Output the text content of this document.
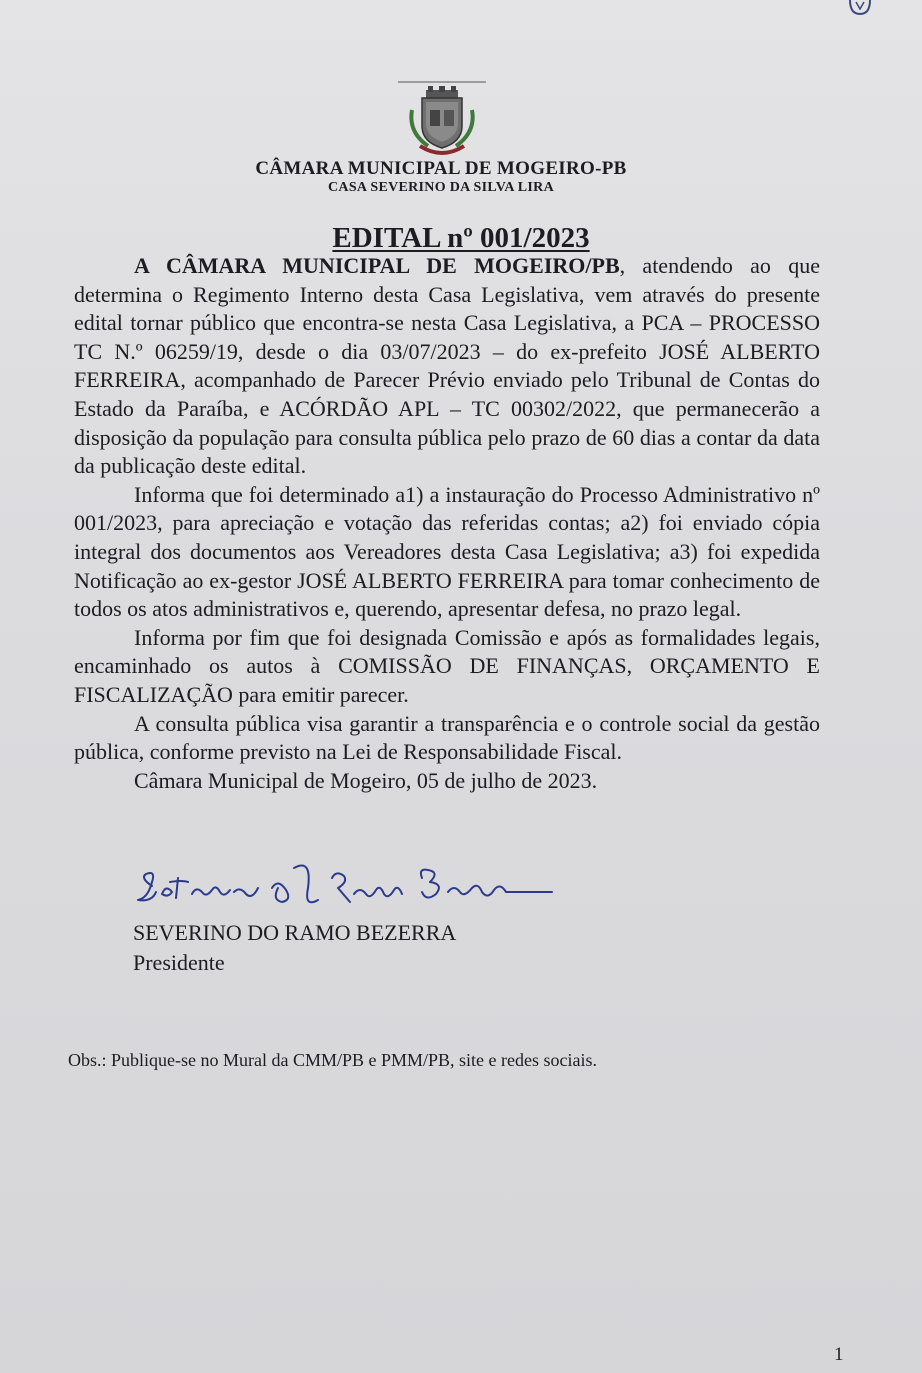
CÂMARA MUNICIPAL DE MOGEIRO-PB
CASA SEVERINO DA SILVA LIRA
EDITAL nº 001/2023

A CÂMARA MUNICIPAL DE MOGEIRO/PB, atendendo ao que determina o Regimento Interno desta Casa Legislativa, vem através do presente edital tornar público que encontra-se nesta Casa Legislativa, a PCA – PROCESSO TC N.º 06259/19, desde o dia 03/07/2023 – do ex-prefeito JOSÉ ALBERTO FERREIRA, acompanhado de Parecer Prévio enviado pelo Tribunal de Contas do Estado da Paraíba, e ACÓRDÃO APL – TC 00302/2022, que permanecerão a disposição da população para consulta pública pelo prazo de 60 dias a contar da data da publicação deste edital.

Informa que foi determinado a1) a instauração do Processo Administrativo nº 001/2023, para apreciação e votação das referidas contas; a2) foi enviado cópia integral dos documentos aos Vereadores desta Casa Legislativa; a3) foi expedida Notificação ao ex-gestor JOSÉ ALBERTO FERREIRA para tomar conhecimento de todos os atos administrativos e, querendo, apresentar defesa, no prazo legal.

Informa por fim que foi designada Comissão e após as formalidades legais, encaminhado os autos à COMISSÃO DE FINANÇAS, ORÇAMENTO E FISCALIZAÇÃO para emitir parecer.

A consulta pública visa garantir a transparência e o controle social da gestão pública, conforme previsto na Lei de Responsabilidade Fiscal.

Câmara Municipal de Mogeiro, 05 de julho de 2023.

SEVERINO DO RAMO BEZERRA
Presidente
Obs.: Publique-se no Mural da CMM/PB e PMM/PB, site e redes sociais.
1
